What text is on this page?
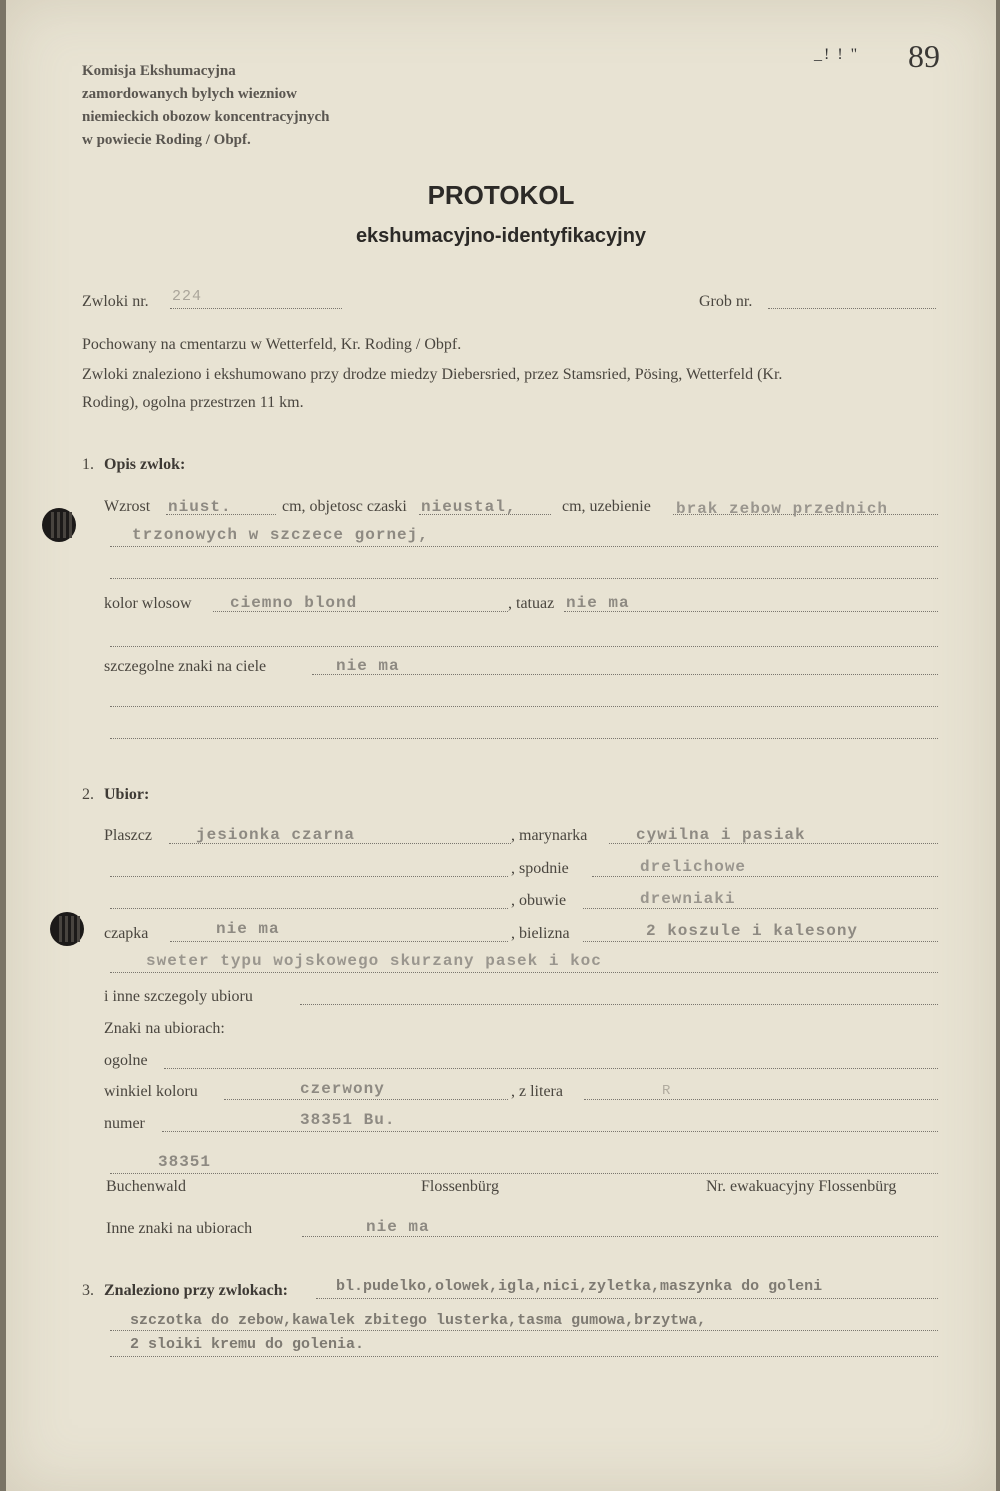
Komisja Ekshumacyjna
zamordowanych bylych wiezniow
niemieckich obozow koncentracyjnych
w powiecie Roding / Obpf.
_! ! " 89
PROTOKOL
ekshumacyjno-identyfikacyjny
Zwloki nr. 224	Grob nr.
Pochowany na cmentarzu w Wetterfeld, Kr. Roding / Obpf.
Zwloki znaleziono i ekshumowano przy drodze miedzy Diebersried, przez Stamsried, Pösing, Wetterfeld (Kr.
Roding), ogolna przestrzen 11 km.
1. Opis zwlok:
Wzrost niust.	cm, objetosc czaski nieustal,	cm, uzebienie brak zebow przednich
trzonowych w szczece gornej,
kolor wlosow ciemno blond	, tatuaz nie ma
szczegolne znaki na ciele	nie ma
2. Ubior:
Plaszcz	jesionka czarna	, marynarka	cywilna i pasiak
, spodnie	drelichowe
, obuwie	drewniaki
czapka	nie ma	, bielizna	2 koszule i kalesony
sweter typu wojskowego skurzany pasek i koc
i inne szczegoly ubioru
Znaki na ubiorach:
ogolne
winkiel koloru	czerwony	, z litera	R
numer	38351 Bu.
38351
Buchenwald	Flossenbürg	Nr. ewakuacyjny Flossenbürg
Inne znaki na ubiorach	nie ma
3. Znaleziono przy zwlokach:	bl.pudelko,olowek,igla,nici,zyletka,maszynka do goleni
szczotka do zebow,kawalek zbitego lusterka,tasma gumowa,brzytwa,
2 sloiki kremu do golenia.
